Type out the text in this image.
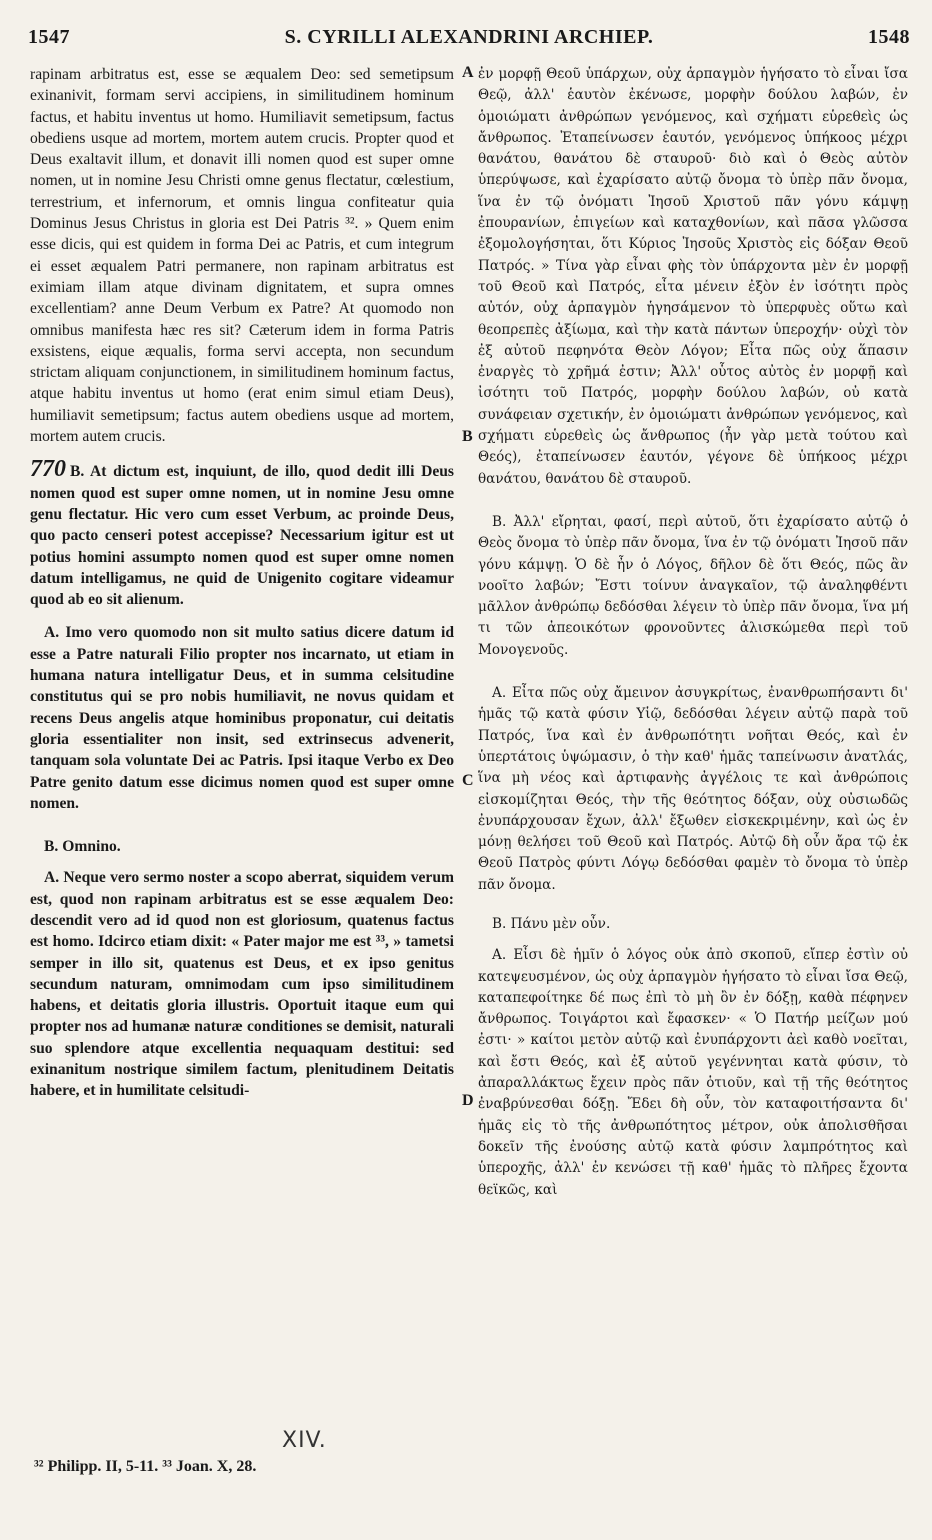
1547	S. CYRILLI ALEXANDRINI ARCHIEP.	1548
A
B
C
D

rapinam arbitratus est, esse se æqualem Deo: sed semetipsum exinanivit, formam servi accipiens, in similitudinem hominum factus, et habitu inventus ut homo. Humiliavit semetipsum, factus obediens usque ad mortem, mortem autem crucis. Propter quod et Deus exaltavit illum, et donavit illi nomen quod est super omne nomen, ut in nomine Jesu Christi omne genus flectatur, cœlestium, terrestrium, et infernorum, et omnis lingua confiteatur quia Dominus Jesus Christus in gloria est Dei Patris ³². » Quem enim esse dicis, qui est quidem in forma Dei ac Patris, et cum integrum ei esset æqualem Patri permanere, non rapinam arbitratus est eximiam illam atque divinam dignitatem, et supra omnes excellentiam? anne Deum Verbum ex Patre? At quomodo non omnibus manifesta hæc res sit? Cæterum idem in forma Patris exsistens, eique æqualis, forma servi accepta, non secundum strictam aliquam conjunctionem, in similitudinem hominum factus, atque habitu inventus ut homo (erat enim simul etiam Deus), humiliavit semetipsum; factus autem obediens usque ad mortem, mortem autem crucis.

770 B. At dictum est, inquiunt, de illo, quod dedit illi Deus nomen quod est super omne nomen, ut in nomine Jesu omne genu flectatur. Hic vero cum esset Verbum, ac proinde Deus, quo pacto censeri potest accepisse? Necessarium igitur est ut potius homini assumpto nomen quod est super omne nomen datum intelligamus, ne quid de Unigenito cogitare videamur quod ab eo sit alienum.

A. Imo vero quomodo non sit multo satius dicere datum id esse a Patre naturali Filio propter nos incarnato, ut etiam in humana natura intelligatur Deus, et in summa celsitudine constitutus qui se pro nobis humiliavit, ne novus quidam et recens Deus angelis atque hominibus proponatur, cui deitatis gloria essentialiter non insit, sed extrinsecus advenerit, tanquam sola voluntate Dei ac Patris. Ipsi itaque Verbo ex Deo Patre genito datum esse dicimus nomen quod est super omne nomen.

B. Omnino.

A. Neque vero sermo noster a scopo aberrat, siquidem verum est, quod non rapinam arbitratus est se esse æqualem Deo: descendit vero ad id quod non est gloriosum, quatenus factus est homo. Idcirco etiam dixit: « Pater major me est ³³, » tametsi semper in illo sit, quatenus est Deus, et ex ipso genitus secundum naturam, omnimodam cum ipso similitudinem habens, et deitatis gloria illustris. Oportuit itaque eum qui propter nos ad humanæ naturæ conditiones se demisit, naturali suo splendore atque excellentia nequaquam destitui: sed exinanitum nostrique similem factum, plenitudinem Deitatis habere, et in humilitate celsitudi-

ἐν μορφῇ Θεοῦ ὑπάρχων, οὐχ ἁρπαγμὸν ἡγήσατο τὸ εἶναι ἴσα Θεῷ, ἀλλ' ἑαυτὸν ἐκένωσε, μορφὴν δούλου λαβών, ἐν ὁμοιώματι ἀνθρώπων γενόμενος, καὶ σχήματι εὑρεθεὶς ὡς ἄνθρωπος. Ἐταπείνωσεν ἑαυτόν, γενόμενος ὑπήκοος μέχρι θανάτου, θανάτου δὲ σταυροῦ· διὸ καὶ ὁ Θεὸς αὐτὸν ὑπερύψωσε, καὶ ἐχαρίσατο αὐτῷ ὄνομα τὸ ὑπὲρ πᾶν ὄνομα, ἵνα ἐν τῷ ὀνόματι Ἰησοῦ Χριστοῦ πᾶν γόνυ κάμψῃ ἐπουρανίων, ἐπιγείων καὶ καταχθονίων, καὶ πᾶσα γλῶσσα ἐξομολογήσηται, ὅτι Κύριος Ἰησοῦς Χριστὸς εἰς δόξαν Θεοῦ Πατρός. » Τίνα γὰρ εἶναι φὴς τὸν ὑπάρχοντα μὲν ἐν μορφῇ τοῦ Θεοῦ καὶ Πατρός, εἶτα μένειν ἐξὸν ἐν ἰσότητι πρὸς αὐτόν, οὐχ ἁρπαγμὸν ἡγησάμενον τὸ ὑπερφυὲς οὕτω καὶ θεοπρεπὲς ἀξίωμα, καὶ τὴν κατὰ πάντων ὑπεροχήν· οὐχὶ τὸν ἐξ αὐτοῦ πεφηνότα Θεὸν Λόγον; Εἶτα πῶς οὐχ ἅπασιν ἐναργὲς τὸ χρῆμά ἐστιν; Ἀλλ' οὗτος αὐτὸς ἐν μορφῇ καὶ ἰσότητι τοῦ Πατρός, μορφὴν δούλου λαβών, οὐ κατὰ συνάφειαν σχετικήν, ἐν ὁμοιώματι ἀνθρώπων γενόμενος, καὶ σχήματι εὑρεθεὶς ὡς ἄνθρωπος (ἦν γὰρ μετὰ τούτου καὶ Θεός), ἐταπείνωσεν ἑαυτόν, γέγονε δὲ ὑπήκοος μέχρι θανάτου, θανάτου δὲ σταυροῦ.

B. Ἀλλ' εἴρηται, φασί, περὶ αὐτοῦ, ὅτι ἐχαρίσατο αὐτῷ ὁ Θεὸς ὄνομα τὸ ὑπὲρ πᾶν ὄνομα, ἵνα ἐν τῷ ὀνόματι Ἰησοῦ πᾶν γόνυ κάμψῃ. Ὁ δὲ ἦν ὁ Λόγος, δῆλον δὲ ὅτι Θεός, πῶς ἂν νοοῖτο λαβών; Ἔστι τοίνυν ἀναγκαῖον, τῷ ἀναληφθέντι μᾶλλον ἀνθρώπῳ δεδόσθαι λέγειν τὸ ὑπὲρ πᾶν ὄνομα, ἵνα μή τι τῶν ἀπεοικότων φρονοῦντες ἁλισκώμεθα περὶ τοῦ Μονογενοῦς.

A. Εἶτα πῶς οὐχ ἄμεινον ἀσυγκρίτως, ἐνανθρωπήσαντι δι' ἡμᾶς τῷ κατὰ φύσιν Υἱῷ, δεδόσθαι λέγειν αὐτῷ παρὰ τοῦ Πατρός, ἵνα καὶ ἐν ἀνθρωπότητι νοῆται Θεός, καὶ ἐν ὑπερτάτοις ὑψώμασιν, ὁ τὴν καθ' ἡμᾶς ταπείνωσιν ἀνατλάς, ἵνα μὴ νέος καὶ ἀρτιφανὴς ἀγγέλοις τε καὶ ἀνθρώποις εἰσκομίζηται Θεός, τὴν τῆς θεότητος δόξαν, οὐχ οὐσιωδῶς ἐνυπάρχουσαν ἔχων, ἀλλ' ἔξωθεν εἰσκεκριμένην, καὶ ὡς ἐν μόνῃ θελήσει τοῦ Θεοῦ καὶ Πατρός. Αὐτῷ δὴ οὖν ἄρα τῷ ἐκ Θεοῦ Πατρὸς φύντι Λόγῳ δεδόσθαι φαμὲν τὸ ὄνομα τὸ ὑπὲρ πᾶν ὄνομα.

B. Πάνυ μὲν οὖν.

A. Εἶσι δὲ ἡμῖν ὁ λόγος οὐκ ἀπὸ σκοποῦ, εἴπερ ἐστὶν οὐ κατεψευσμένον, ὡς οὐχ ἁρπαγμὸν ἡγήσατο τὸ εἶναι ἴσα Θεῷ, καταπεφοίτηκε δέ πως ἐπὶ τὸ μὴ ὂν ἐν δόξῃ, καθὰ πέφηνεν ἄνθρωπος. Τοιγάρτοι καὶ ἔφασκεν· « Ὁ Πατήρ μείζων μού ἐστι· » καίτοι μετὸν αὐτῷ καὶ ἐνυπάρχοντι ἀεὶ καθὸ νοεῖται, καὶ ἔστι Θεός, καὶ ἐξ αὐτοῦ γεγέννηται κατὰ φύσιν, τὸ ἀπαραλλάκτως ἔχειν πρὸς πᾶν ὁτιοῦν, καὶ τῇ τῆς θεότητος ἐναβρύνεσθαι δόξῃ. Ἔδει δὴ οὖν, τὸν καταφοιτήσαντα δι' ἡμᾶς εἰς τὸ τῆς ἀνθρωπότητος μέτρον, οὐκ ἀπολισθῆσαι δοκεῖν τῆς ἐνούσης αὐτῷ κατὰ φύσιν λαμπρότητος καὶ ὑπεροχῆς, ἀλλ' ἐν κενώσει τῇ καθ' ἡμᾶς τὸ πλῆρες ἔχοντα θεϊκῶς, καὶ

XIV.
³² Philipp. II, 5-11. ³³ Joan. X, 28.
